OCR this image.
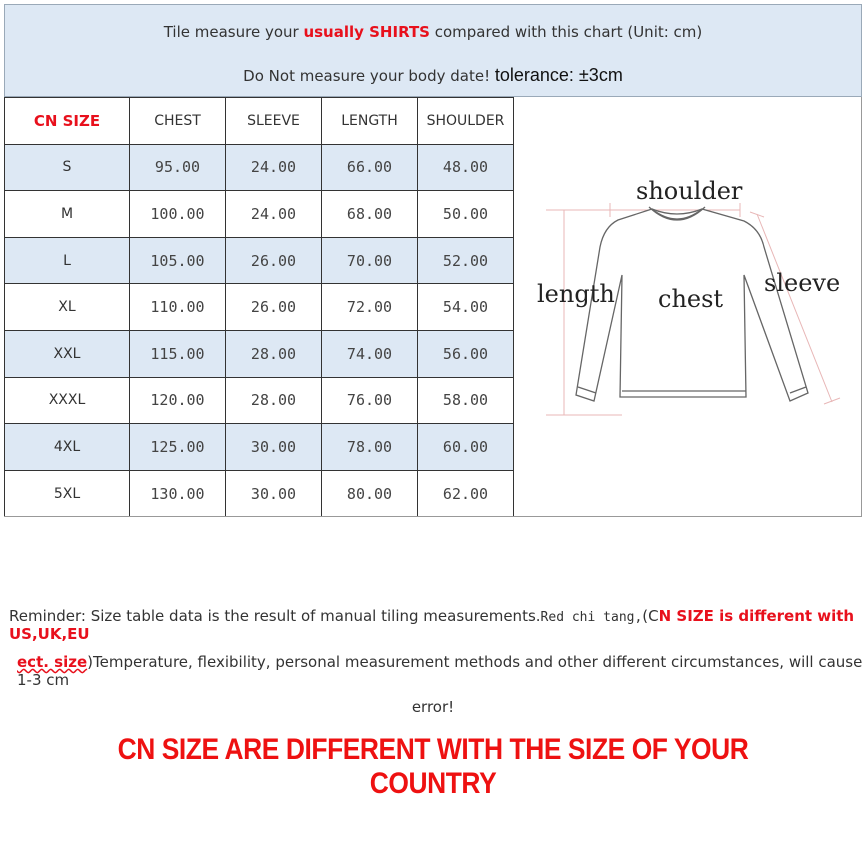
Tile measure your usually SHIRTS compared with this chart (Unit: cm)
Do Not measure your body date! tolerance: ±3cm
CN SIZE	CHEST	SLEEVE	LENGTH	SHOULDER
S	95.00	24.00	66.00	48.00
M	100.00	24.00	68.00	50.00
L	105.00	26.00	70.00	52.00
XL	110.00	26.00	72.00	54.00
XXL	115.00	28.00	74.00	56.00
XXXL	120.00	28.00	76.00	58.00
4XL	125.00	30.00	78.00	60.00
5XL	130.00	30.00	80.00	62.00
shoulder
length chest
sleeve
Reminder: Size table data is the result of manual tiling measurements.Red chi tang,(CN SIZE is different with US,UK,EU
ect. size)Temperature, flexibility, personal measurement methods and other different circumstances, will cause 1-3 cm
error!
CN SIZE ARE DIFFERENT WITH THE SIZE OF YOUR COUNTRY
